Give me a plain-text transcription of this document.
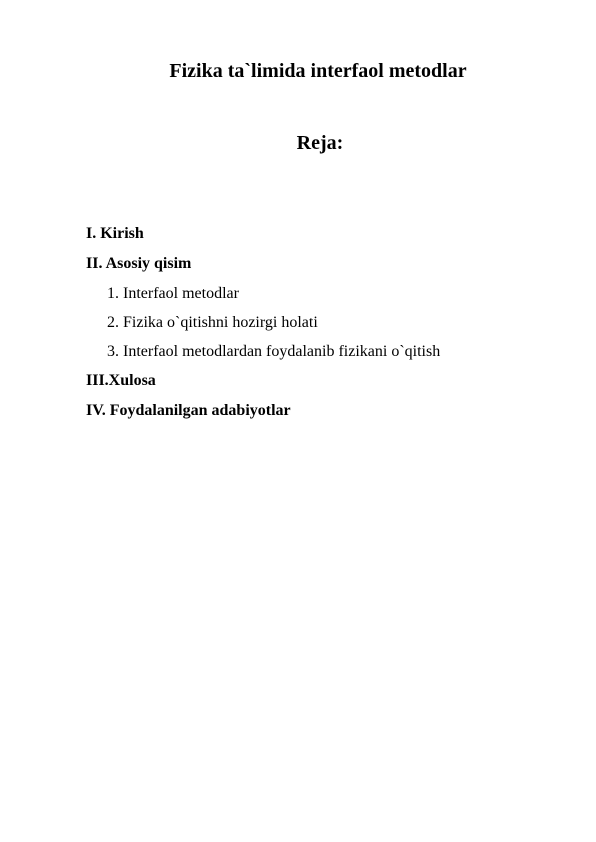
Fizika ta`limida interfaol metodlar
Reja:
I. Kirish
II. Asosiy qisim
1. Interfaol metodlar
2. Fizika o`qitishni hozirgi holati
3. Interfaol metodlardan foydalanib fizikani o`qitish
III.Xulosa
IV. Foydalanilgan adabiyotlar
